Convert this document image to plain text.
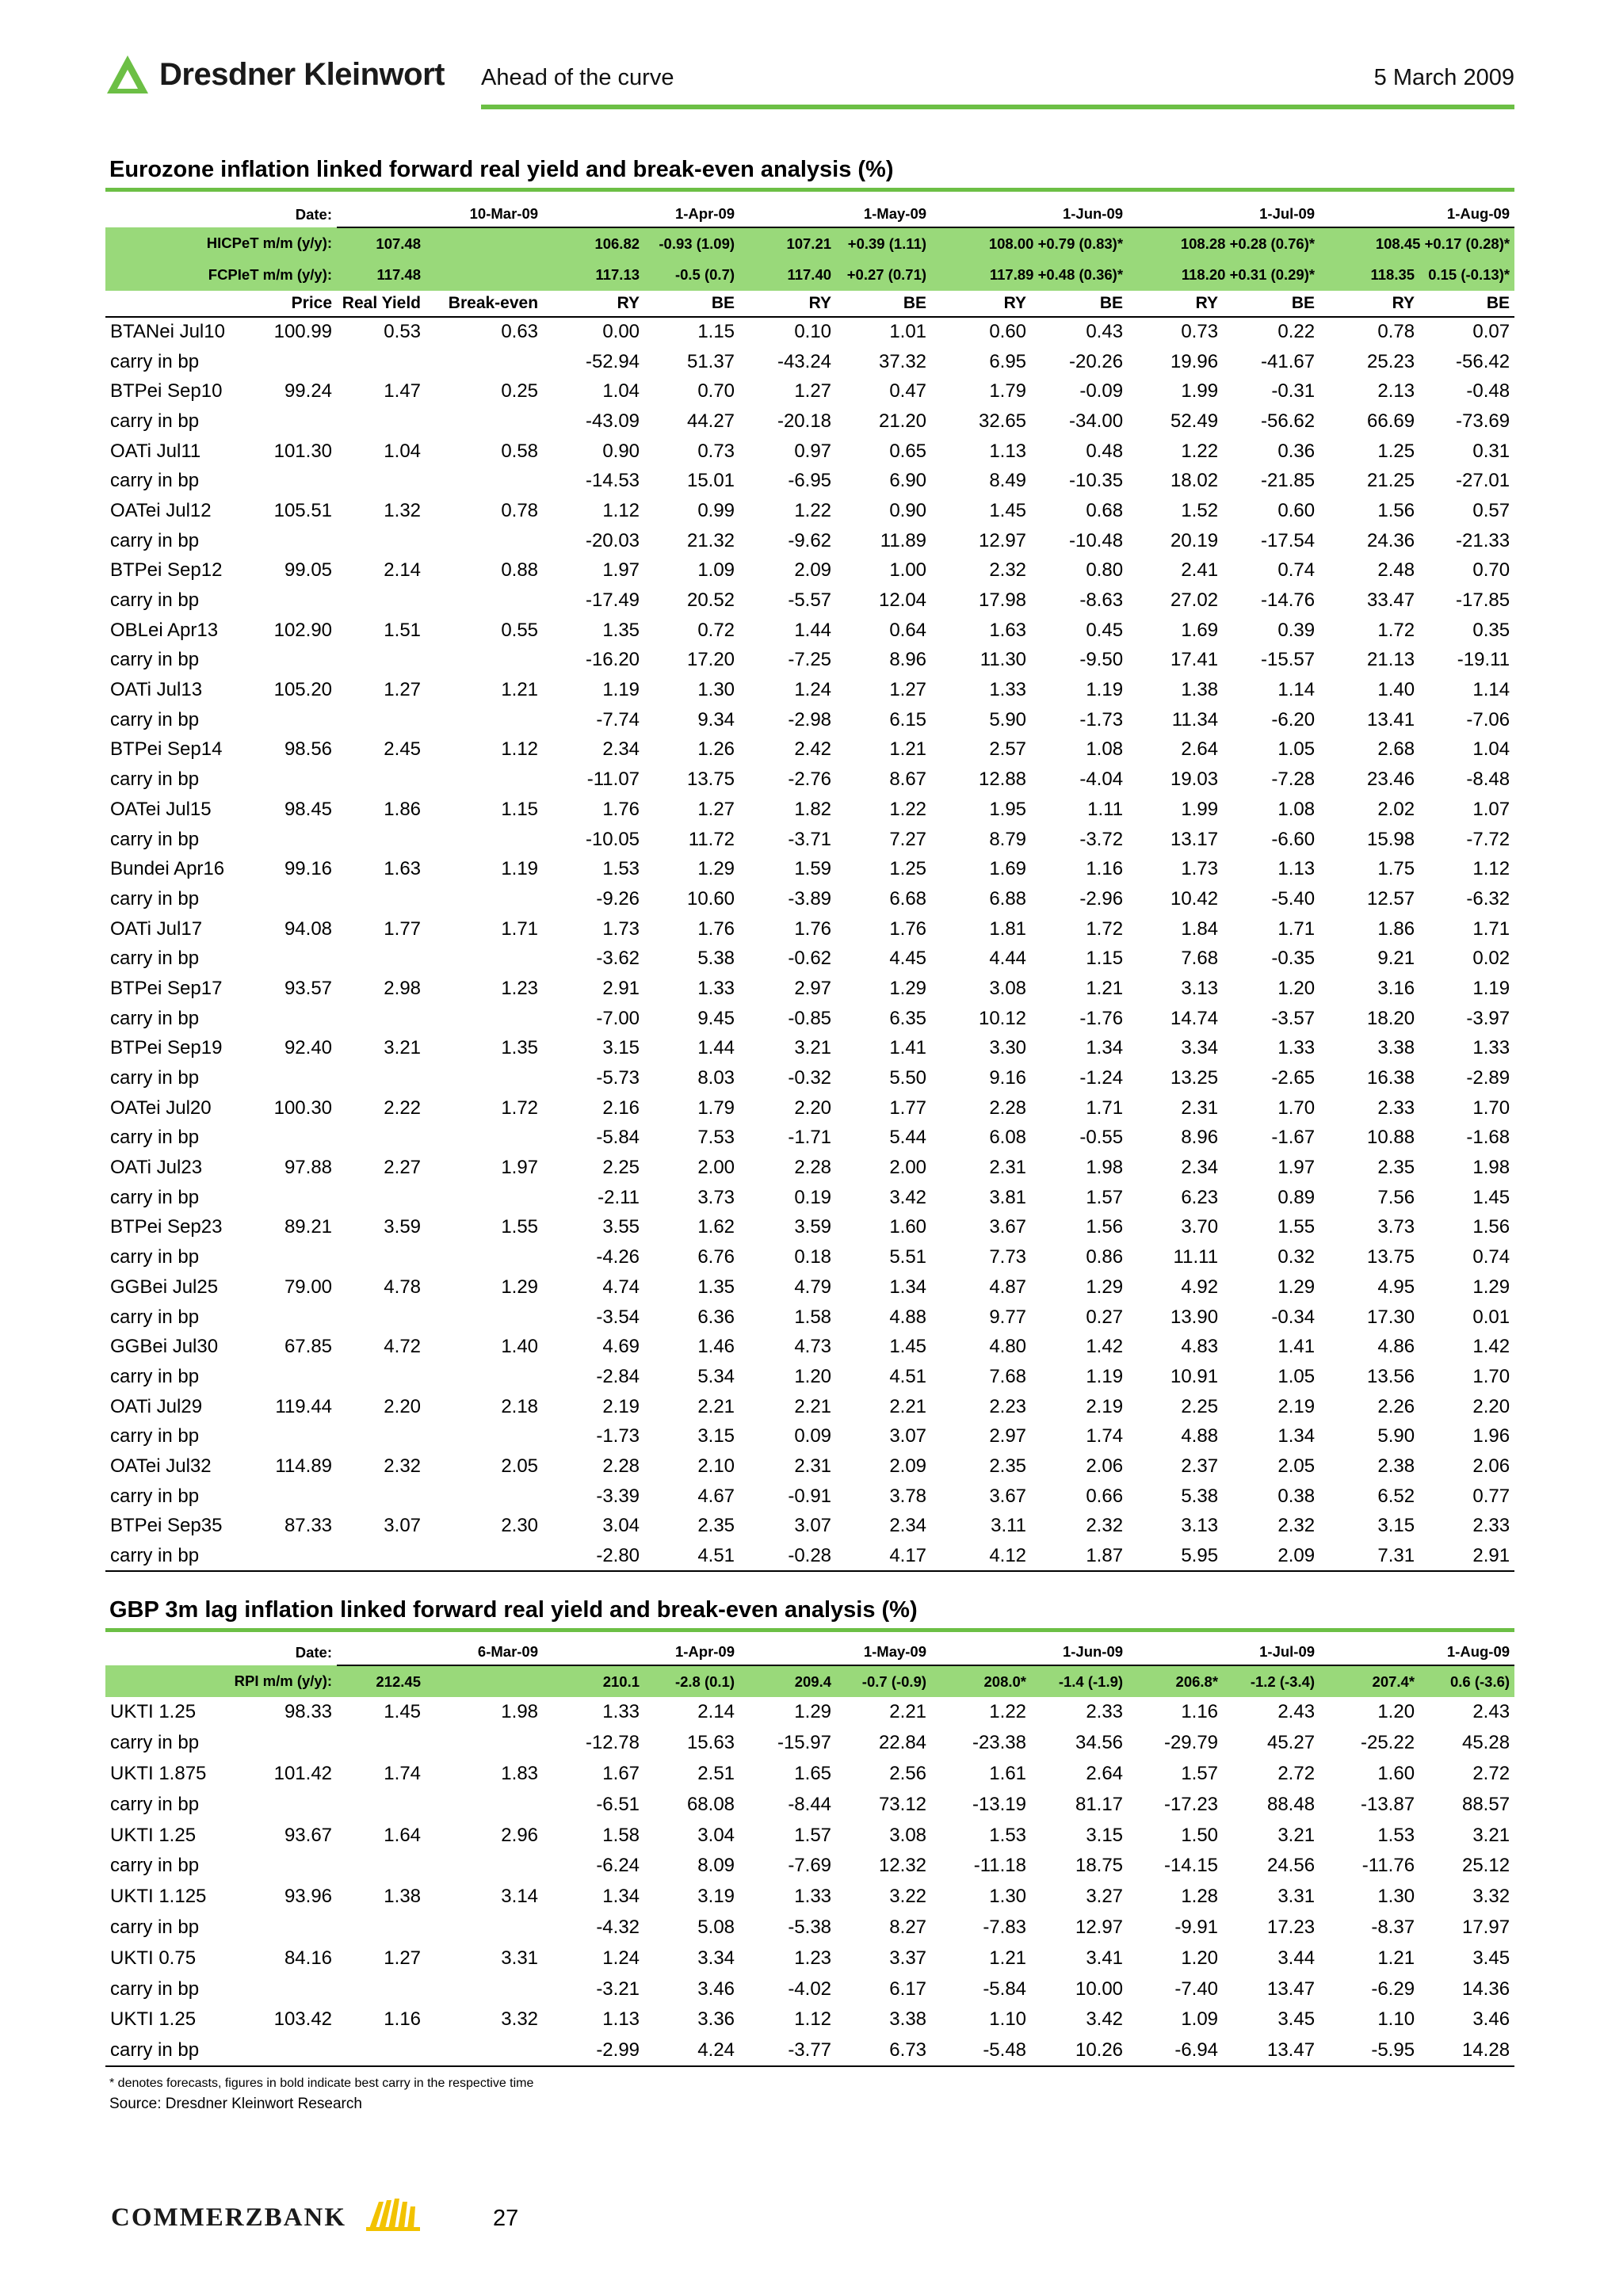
Dresdner Kleinwort Ahead of the curve	5 March 2009
Eurozone inflation linked forward real yield and break-even analysis (%)
Date:		10-Mar-09		1-Apr-09		1-May-09		1-Jun-09		1-Jul-09		1-Aug-09	
HICPeT m/m (y/y):		107.48		106.82	-0.93 (1.09)	107.21	+0.39 (1.11)	108.00 +0.79 (0.83)*		108.28 +0.28 (0.76)*		108.45 +0.17 (0.28)*	
FCPIeT m/m (y/y):		117.48		117.13	-0.5 (0.7)	117.40	+0.27 (0.71)	117.89 +0.48 (0.36)*		118.20 +0.31 (0.29)*		118.35	0.15 (-0.13)*
	Price	Real Yield	Break-even	RY	BE	RY	BE	RY	BE	RY	BE	RY	BE
BTANei Jul10	100.99	0.53	0.63	0.00	1.15	0.10	1.01	0.60	0.43	0.73	0.22	0.78	0.07
carry in bp				-52.94	51.37	-43.24	37.32	6.95	-20.26	19.96	-41.67	25.23	-56.42
BTPei Sep10	99.24	1.47	0.25	1.04	0.70	1.27	0.47	1.79	-0.09	1.99	-0.31	2.13	-0.48
carry in bp				-43.09	44.27	-20.18	21.20	32.65	-34.00	52.49	-56.62	66.69	-73.69
OATi Jul11	101.30	1.04	0.58	0.90	0.73	0.97	0.65	1.13	0.48	1.22	0.36	1.25	0.31
carry in bp				-14.53	15.01	-6.95	6.90	8.49	-10.35	18.02	-21.85	21.25	-27.01
OATei Jul12	105.51	1.32	0.78	1.12	0.99	1.22	0.90	1.45	0.68	1.52	0.60	1.56	0.57
carry in bp				-20.03	21.32	-9.62	11.89	12.97	-10.48	20.19	-17.54	24.36	-21.33
BTPei Sep12	99.05	2.14	0.88	1.97	1.09	2.09	1.00	2.32	0.80	2.41	0.74	2.48	0.70
carry in bp				-17.49	20.52	-5.57	12.04	17.98	-8.63	27.02	-14.76	33.47	-17.85
OBLei Apr13	102.90	1.51	0.55	1.35	0.72	1.44	0.64	1.63	0.45	1.69	0.39	1.72	0.35
carry in bp				-16.20	17.20	-7.25	8.96	11.30	-9.50	17.41	-15.57	21.13	-19.11
OATi Jul13	105.20	1.27	1.21	1.19	1.30	1.24	1.27	1.33	1.19	1.38	1.14	1.40	1.14
carry in bp				-7.74	9.34	-2.98	6.15	5.90	-1.73	11.34	-6.20	13.41	-7.06
BTPei Sep14	98.56	2.45	1.12	2.34	1.26	2.42	1.21	2.57	1.08	2.64	1.05	2.68	1.04
carry in bp				-11.07	13.75	-2.76	8.67	12.88	-4.04	19.03	-7.28	23.46	-8.48
OATei Jul15	98.45	1.86	1.15	1.76	1.27	1.82	1.22	1.95	1.11	1.99	1.08	2.02	1.07
carry in bp				-10.05	11.72	-3.71	7.27	8.79	-3.72	13.17	-6.60	15.98	-7.72
Bundei Apr16	99.16	1.63	1.19	1.53	1.29	1.59	1.25	1.69	1.16	1.73	1.13	1.75	1.12
carry in bp				-9.26	10.60	-3.89	6.68	6.88	-2.96	10.42	-5.40	12.57	-6.32
OATi Jul17	94.08	1.77	1.71	1.73	1.76	1.76	1.76	1.81	1.72	1.84	1.71	1.86	1.71
carry in bp				-3.62	5.38	-0.62	4.45	4.44	1.15	7.68	-0.35	9.21	0.02
BTPei Sep17	93.57	2.98	1.23	2.91	1.33	2.97	1.29	3.08	1.21	3.13	1.20	3.16	1.19
carry in bp				-7.00	9.45	-0.85	6.35	10.12	-1.76	14.74	-3.57	18.20	-3.97
BTPei Sep19	92.40	3.21	1.35	3.15	1.44	3.21	1.41	3.30	1.34	3.34	1.33	3.38	1.33
carry in bp				-5.73	8.03	-0.32	5.50	9.16	-1.24	13.25	-2.65	16.38	-2.89
OATei Jul20	100.30	2.22	1.72	2.16	1.79	2.20	1.77	2.28	1.71	2.31	1.70	2.33	1.70
carry in bp				-5.84	7.53	-1.71	5.44	6.08	-0.55	8.96	-1.67	10.88	-1.68
OATi Jul23	97.88	2.27	1.97	2.25	2.00	2.28	2.00	2.31	1.98	2.34	1.97	2.35	1.98
carry in bp				-2.11	3.73	0.19	3.42	3.81	1.57	6.23	0.89	7.56	1.45
BTPei Sep23	89.21	3.59	1.55	3.55	1.62	3.59	1.60	3.67	1.56	3.70	1.55	3.73	1.56
carry in bp				-4.26	6.76	0.18	5.51	7.73	0.86	11.11	0.32	13.75	0.74
GGBei Jul25	79.00	4.78	1.29	4.74	1.35	4.79	1.34	4.87	1.29	4.92	1.29	4.95	1.29
carry in bp				-3.54	6.36	1.58	4.88	9.77	0.27	13.90	-0.34	17.30	0.01
GGBei Jul30	67.85	4.72	1.40	4.69	1.46	4.73	1.45	4.80	1.42	4.83	1.41	4.86	1.42
carry in bp				-2.84	5.34	1.20	4.51	7.68	1.19	10.91	1.05	13.56	1.70
OATi Jul29	119.44	2.20	2.18	2.19	2.21	2.21	2.21	2.23	2.19	2.25	2.19	2.26	2.20
carry in bp				-1.73	3.15	0.09	3.07	2.97	1.74	4.88	1.34	5.90	1.96
OATei Jul32	114.89	2.32	2.05	2.28	2.10	2.31	2.09	2.35	2.06	2.37	2.05	2.38	2.06
carry in bp				-3.39	4.67	-0.91	3.78	3.67	0.66	5.38	0.38	6.52	0.77
BTPei Sep35	87.33	3.07	2.30	3.04	2.35	3.07	2.34	3.11	2.32	3.13	2.32	3.15	2.33
carry in bp				-2.80	4.51	-0.28	4.17	4.12	1.87	5.95	2.09	7.31	2.91
GBP 3m lag inflation linked forward real yield and break-even analysis (%)
Date:		6-Mar-09		1-Apr-09		1-May-09		1-Jun-09		1-Jul-09		1-Aug-09	
RPI m/m (y/y):		212.45		210.1	-2.8 (0.1)	209.4	-0.7 (-0.9)	208.0*	-1.4 (-1.9)	206.8*	-1.2 (-3.4)	207.4*	0.6 (-3.6)
UKTI 1.25	98.33	1.45	1.98	1.33	2.14	1.29	2.21	1.22	2.33	1.16	2.43	1.20	2.43
carry in bp				-12.78	15.63	-15.97	22.84	-23.38	34.56	-29.79	45.27	-25.22	45.28
UKTI 1.875	101.42	1.74	1.83	1.67	2.51	1.65	2.56	1.61	2.64	1.57	2.72	1.60	2.72
carry in bp				-6.51	68.08	-8.44	73.12	-13.19	81.17	-17.23	88.48	-13.87	88.57
UKTI 1.25	93.67	1.64	2.96	1.58	3.04	1.57	3.08	1.53	3.15	1.50	3.21	1.53	3.21
carry in bp				-6.24	8.09	-7.69	12.32	-11.18	18.75	-14.15	24.56	-11.76	25.12
UKTI 1.125	93.96	1.38	3.14	1.34	3.19	1.33	3.22	1.30	3.27	1.28	3.31	1.30	3.32
carry in bp				-4.32	5.08	-5.38	8.27	-7.83	12.97	-9.91	17.23	-8.37	17.97
UKTI 0.75	84.16	1.27	3.31	1.24	3.34	1.23	3.37	1.21	3.41	1.20	3.44	1.21	3.45
carry in bp				-3.21	3.46	-4.02	6.17	-5.84	10.00	-7.40	13.47	-6.29	14.36
UKTI 1.25	103.42	1.16	3.32	1.13	3.36	1.12	3.38	1.10	3.42	1.09	3.45	1.10	3.46
carry in bp				-2.99	4.24	-3.77	6.73	-5.48	10.26	-6.94	13.47	-5.95	14.28
* denotes forecasts, figures in bold indicate best carry in the respective time
Source: Dresdner Kleinwort Research
COMMERZBANK	27
